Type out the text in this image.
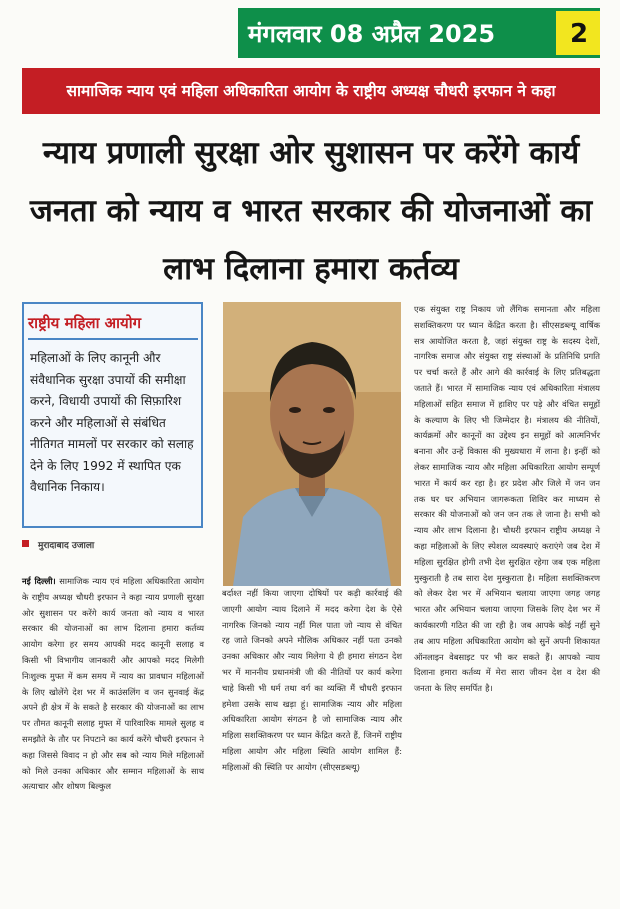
मंगलवार 08 अप्रैल 2025	2
सामाजिक न्याय एवं महिला अधिकारिता आयोग के राष्ट्रीय अध्यक्ष चौधरी इरफान ने कहा
न्याय प्रणाली सुरक्षा ओर सुशासन पर करेंगे कार्य
जनता को न्याय व भारत सरकार की योजनाओं का
लाभ दिलाना हमारा कर्तव्य
राष्ट्रीय महिला आयोग
महिलाओं के लिए कानूनी और संवैधानिक सुरक्षा उपायों की समीक्षा करने, विधायी उपायों की सिफ़ारिश करने और महिलाओं से संबंधित नीतिगत मामलों पर सरकार को सलाह देने के लिए 1992 में स्थापित एक वैधानिक निकाय।
मुरादाबाद उजाला
नई दिल्ली। सामाजिक न्याय एवं महिला अधिकारिता आयोग के राष्ट्रीय अध्यक्ष चौधरी इरफान ने कहा न्याय प्रणाली सुरक्षा ओर सुशासन पर करेंगे कार्य जनता को न्याय व भारत सरकार की योजनाओं का लाभ दिलाना हमारा कर्तव्य आयोग करेगा हर समय आपकी मदद कानूनी सलाह व किसी भी विभागीय जानकारी और आपको मदद मिलेगी निःशुल्क मुफ्त में कम समय में न्याय का प्रावधान महिलाओं के लिए खोलेंगे देश भर में काउंसलिंग व जन सुनवाई केंद्र अपने ही क्षेत्र में के सकते है सरकार की योजनाओं का लाभ पर तौमत कानूनी सलाह मुफ्त में पारिवारिक मामले सुलह व समझौते के तौर पर निपटाने का कार्य करेंगे चौधरी इरफान ने कहा जिससे विवाद न हो और सब को न्याय मिले महिलाओं को मिले उनका अधिकार और सम्मान महिलाओं के साथ अत्याचार और शोषण बिल्कुल
बर्दाश्त नहीं किया जाएगा दोषियों पर कड़ी कार्रवाई की जाएगी आयोग न्याय दिलाने में मदद करेगा देश के ऐसे नागरिक जिनको न्याय नहीं मिल पाता जो न्याय से वंचित रह जाते जिनको अपने मौलिक अधिकार नहीं पता उनको उनका अधिकार और न्याय मिलेगा ये ही हमारा संगठन देश भर में माननीय प्रधानमंत्री जी की नीतियों पर कार्य करेगा चाहे किसी भी धर्म तथा वर्ग का व्यक्ति मैं चौधरी इरफान हमेशा उसके साथ खड़ा हूं। सामाजिक न्याय और महिला अधिकारिता आयोग संगठन है जो सामाजिक न्याय और महिला सशक्तिकरण पर ध्यान केंद्रित करते हैं, जिनमें राष्ट्रीय महिला आयोग और महिला स्थिति आयोग शामिल हैं: महिलाओं की स्थिति पर आयोग (सीएसडब्ल्यू)
एक संयुक्त राष्ट्र निकाय जो लैंगिक समानता और महिला सशक्तिकरण पर ध्यान केंद्रित करता है। सीएसडब्ल्यू वार्षिक सत्र आयोजित करता है, जहां संयुक्त राष्ट्र के सदस्य देशों, नागरिक समाज और संयुक्त राष्ट्र संस्थाओं के प्रतिनिधि प्रगति पर चर्चा करते हैं और आगे की कार्रवाई के लिए प्रतिबद्धता जताते हैं। भारत में सामाजिक न्याय एवं अधिकारिता मंत्रालय महिलाओं सहित समाज में हाशिए पर पड़े और वंचित समूहों के कल्याण के लिए भी जिम्मेदार है। मंत्रालय की नीतियों, कार्यक्रमों और कानूनों का उद्देश्य इन समूहों को आत्मनिर्भर बनाना और उन्हें विकास की मुख्यधारा में लाना है। इन्हीं को लेकर सामाजिक न्याय और महिला अधिकारिता आयोग सम्पूर्ण भारत में कार्य कर रहा है। हर प्रदेश और जिले में जन जन तक घर घर अभियान जागरूकता शिविर कर माध्यम से सरकार की योजनाओं को जन जन तक ले जाना है। सभी को न्याय और लाभ दिलाना है। चौधरी इरफान राष्ट्रीय अध्यक्ष ने कहा महिलाओं के लिए स्पेशल व्यवस्थाएं कराएंगे जब देश में महिला सुरक्षित होगी तभी देश सुरक्षित रहेगा जब एक महिला मुस्कुराती है तब सारा देश मुस्कुराता है। महिला सशक्तिकरण को लेकर देश भर में अभियान चलाया जाएगा जगह जगह भारत और अभियान चलाया जाएगा जिसके लिए देश भर में कार्यकारणी गठित की जा रही है। जब आपके कोई नहीं सुने तब आप महिला अधिकारिता आयोग को सुनें अपनी शिकायत ऑनलाइन वेबसाइट पर भी कर सकते हैं। आपको न्याय दिलाना हमारा कर्तव्य में मेरा सारा जीवन देश व देश की जनता के लिए समर्पित है।
